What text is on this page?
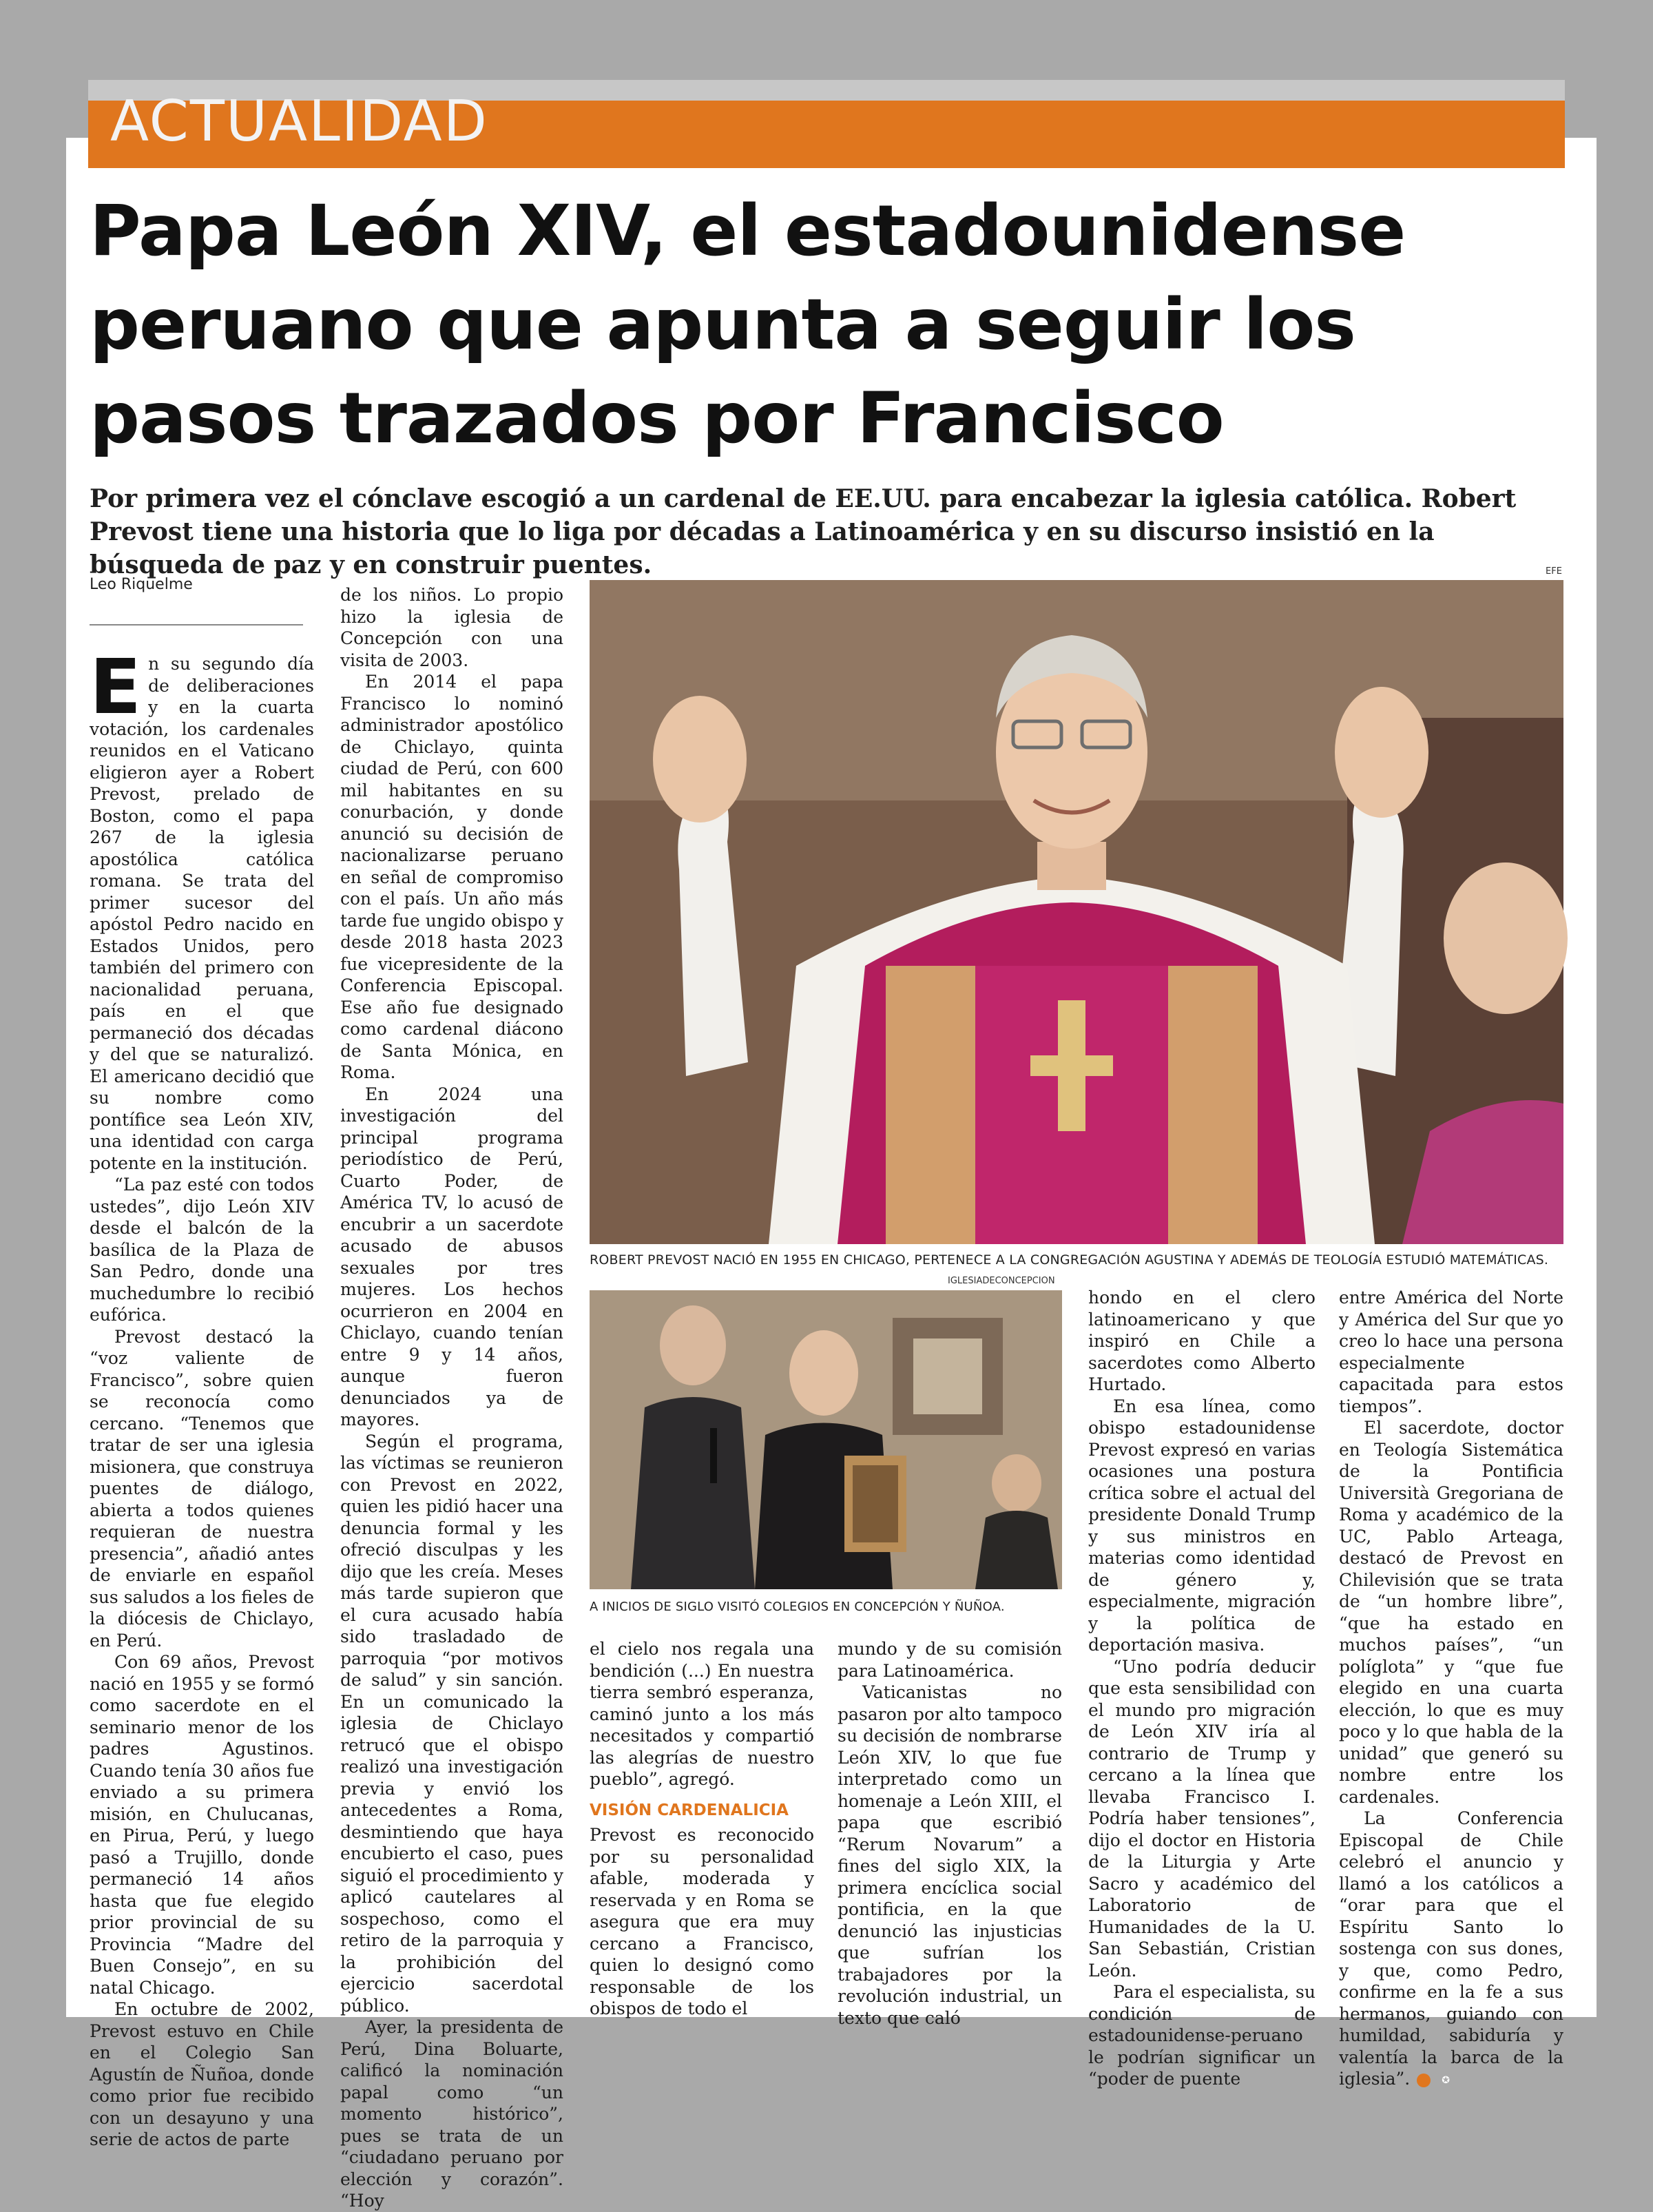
ACTUALIDAD
Papa León XIV, el estadounidense peruano que apunta a seguir los pasos trazados por Francisco
Por primera vez el cónclave escogió a un cardenal de EE.UU. para encabezar la iglesia católica. Robert Prevost tiene una historia que lo liga por décadas a Latinoamérica y en su discurso insistió en la búsqueda de paz y en construir puentes.
Leo Riquelme

En su segundo día de deliberaciones y en la cuarta votación, los cardenales reunidos en el Vaticano eligieron ayer a Robert Prevost, prelado de Boston, como el papa 267 de la iglesia apostólica católica romana. Se trata del primer sucesor del apóstol Pedro nacido en Estados Unidos, pero también del primero con nacionalidad peruana, país en el que permaneció dos décadas y del que se naturalizó. El americano decidió que su nombre como pontífice sea León XIV, una identidad con carga potente en la institución.

“La paz esté con todos ustedes”, dijo León XIV desde el balcón de la basílica de la Plaza de San Pedro, donde una muchedumbre lo recibió eufórica.

Prevost destacó la “voz valiente de Francisco”, sobre quien se reconocía como cercano. “Tenemos que tratar de ser una iglesia misionera, que construya puentes de diálogo, abierta a todos quienes requieran de nuestra presencia”, añadió antes de enviarle en español sus saludos a los fieles de la diócesis de Chiclayo, en Perú.

Con 69 años, Prevost nació en 1955 y se formó como sacerdote en el seminario menor de los padres Agustinos. Cuando tenía 30 años fue enviado a su primera misión, en Chulucanas, en Pirua, Perú, y luego pasó a Trujillo, donde permaneció 14 años hasta que fue elegido prior provincial de su Provincia “Madre del Buen Consejo”, en su natal Chicago.

En octubre de 2002, Prevost estuvo en Chile en el Colegio San Agustín de Ñuñoa, donde como prior fue recibido con un desayuno y una serie de actos de parte

de los niños. Lo propio hizo la iglesia de Concepción con una visita de 2003.

En 2014 el papa Francisco lo nominó administrador apostólico de Chiclayo, quinta ciudad de Perú, con 600 mil habitantes en su conurbación, y donde anunció su decisión de nacionalizarse peruano en señal de compromiso con el país. Un año más tarde fue ungido obispo y desde 2018 hasta 2023 fue vicepresidente de la Conferencia Episcopal. Ese año fue designado como cardenal diácono de Santa Mónica, en Roma.

En 2024 una investigación del principal programa periodístico de Perú, Cuarto Poder, de América TV, lo acusó de encubrir a un sacerdote acusado de abusos sexuales por tres mujeres. Los hechos ocurrieron en 2004 en Chiclayo, cuando tenían entre 9 y 14 años, aunque fueron denunciados ya de mayores.

Según el programa, las víctimas se reunieron con Prevost en 2022, quien les pidió hacer una denuncia formal y les ofreció disculpas y les dijo que les creía. Meses más tarde supieron que el cura acusado había sido trasladado de parroquia “por motivos de salud” y sin sanción. En un comunicado la iglesia de Chiclayo retrucó que el obispo realizó una investigación previa y envió los antecedentes a Roma, desmintiendo que haya encubierto el caso, pues siguió el procedimiento y aplicó cautelares al sospechoso, como el retiro de la parroquia y la prohibición del ejercicio sacerdotal público.

Ayer, la presidenta de Perú, Dina Boluarte, calificó la nominación papal como “un momento histórico”, pues se trata de un “ciudadano peruano por elección y corazón”. “Hoy

EFE
ROBERT PREVOST NACIÓ EN 1955 EN CHICAGO, PERTENECE A LA CONGREGACIÓN AGUSTINA Y ADEMÁS DE TEOLOGÍA ESTUDIÓ MATEMÁTICAS.
IGLESIADECONCEPCION
A INICIOS DE SIGLO VISITÓ COLEGIOS EN CONCEPCIÓN Y ÑUÑOA.

el cielo nos regala una bendición (...) En nuestra tierra sembró esperanza, caminó junto a los más necesitados y compartió las alegrías de nuestro pueblo”, agregó.

VISIÓN CARDENALICIA

Prevost es reconocido por su personalidad afable, moderada y reservada y en Roma se asegura que era muy cercano a Francisco, quien lo designó como responsable de los obispos de todo el

mundo y de su comisión para Latinoamérica.

Vaticanistas no pasaron por alto tampoco su decisión de nombrarse León XIV, lo que fue interpretado como un homenaje a León XIII, el papa que escribió “Rerum Novarum” a fines del siglo XIX, la primera encíclica social pontificia, en la que denunció las injusticias que sufrían los trabajadores por la revolución industrial, un texto que caló

hondo en el clero latinoamericano y que inspiró en Chile a sacerdotes como Alberto Hurtado.

En esa línea, como obispo estadounidense Prevost expresó en varias ocasiones una postura crítica sobre el actual del presidente Donald Trump y sus ministros en materias como identidad de género y, especialmente, migración y la política de deportación masiva.

“Uno podría deducir que esta sensibilidad con el mundo pro migración de León XIV iría al contrario de Trump y cercano a la línea que llevaba Francisco I. Podría haber tensiones”, dijo el doctor en Historia de la Liturgia y Arte Sacro y académico del Laboratorio de Humanidades de la U. San Sebastián, Cristian León.

Para el especialista, su condición de estadounidense-peruano le podrían significar un “poder de puente

entre América del Norte y América del Sur que yo creo lo hace una persona especialmente capacitada para estos tiempos”.

El sacerdote, doctor en Teología Sistemática de la Pontificia Università Gregoriana de Roma y académico de la UC, Pablo Arteaga, destacó de Prevost en Chilevisión que se trata de “un hombre libre”, “que ha estado en muchos países”, “un políglota” y “que fue elegido en una cuarta elección, lo que es muy poco y lo que habla de la unidad” que generó su nombre entre los cardenales.

La Conferencia Episcopal de Chile celebró el anuncio y llamó a los católicos a “orar para que el Espíritu Santo lo sostenga con sus dones, y que, como Pedro, confirme en la fe a sus hermanos, guiando con humildad, sabiduría y valentía la barca de la iglesia”.	✪
